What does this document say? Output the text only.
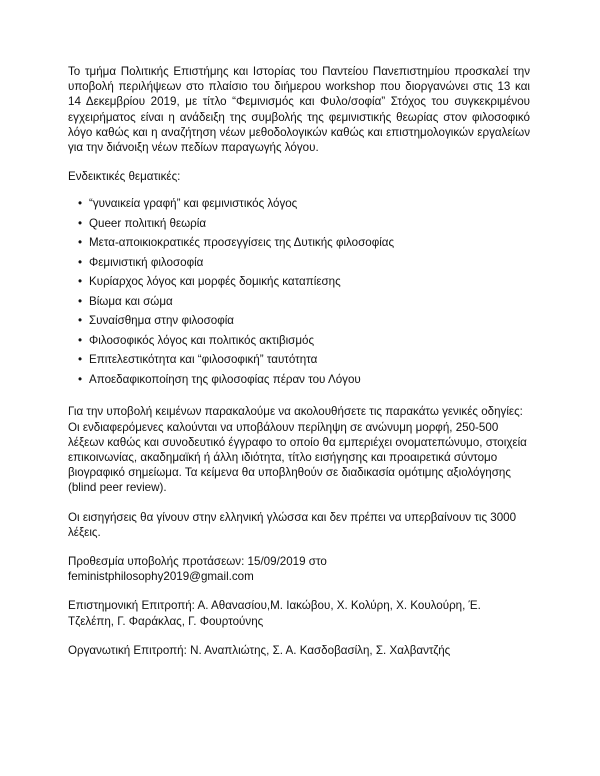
Το τμήμα Πολιτικής Επιστήμης και Ιστορίας του Παντείου Πανεπιστημίου προσκαλεί την υποβολή περιλήψεων στο πλαίσιο του διήμερου workshop που διοργανώνει στις 13 και 14 Δεκεμβρίου 2019, με τίτλο “Φεμινισμός και Φυλο/σοφία” Στόχος του συγκεκριμένου εγχειρήματος είναι η ανάδειξη της συμβολής της φεμινιστικής θεωρίας στον φιλοσοφικό λόγο καθώς και η αναζήτηση νέων μεθοδολογικών καθώς και επιστημολογικών εργαλείων για την διάνοιξη νέων πεδίων παραγωγής λόγου.

Ενδεικτικές θεματικές:

• “γυναικεία γραφή” και φεμινιστικός λόγος
• Queer πολιτική θεωρία
• Μετα-αποικιοκρατικές προσεγγίσεις της Δυτικής φιλοσοφίας
• Φεμινιστική φιλοσοφία
• Κυρίαρχος λόγος και μορφές δομικής καταπίεσης
• Βίωμα και σώμα
• Συναίσθημα στην φιλοσοφία
• Φιλοσοφικός λόγος και πολιτικός ακτιβισμός
• Επιτελεστικότητα και “φιλοσοφική” ταυτότητα
• Αποεδαφικοποίηση της φιλοσοφίας πέραν του Λόγου

Για την υποβολή κειμένων παρακαλούμε να ακολουθήσετε τις παρακάτω γενικές οδηγίες: Οι ενδιαφερόμενες καλούνται να υποβάλουν περίληψη σε ανώνυμη μορφή, 250-500 λέξεων καθώς και συνοδευτικό έγγραφο το οποίο θα εμπεριέχει ονοματεπώνυμο, στοιχεία επικοινωνίας, ακαδημαϊκή ή άλλη ιδιότητα, τίτλο εισήγησης και προαιρετικά σύντομο βιογραφικό σημείωμα. Τα κείμενα θα υποβληθούν σε διαδικασία ομότιμης αξιολόγησης (blind peer review).

Οι εισηγήσεις θα γίνουν στην ελληνική γλώσσα και δεν πρέπει να υπερβαίνουν τις 3000 λέξεις.

Προθεσμία υποβολής προτάσεων: 15/09/2019 στο
feministphilosophy2019@gmail.com

Επιστημονική Επιτροπή: Α. Αθανασίου,Μ. Ιακώβου, Χ. Κολύρη, Χ. Κουλούρη, Έ.
Τζελέπη, Γ. Φαράκλας, Γ. Φουρτούνης

Οργανωτική Επιτροπή: Ν. Αναπλιώτης, Σ. Α. Κασδοβασίλη, Σ. Χαλβαντζής
